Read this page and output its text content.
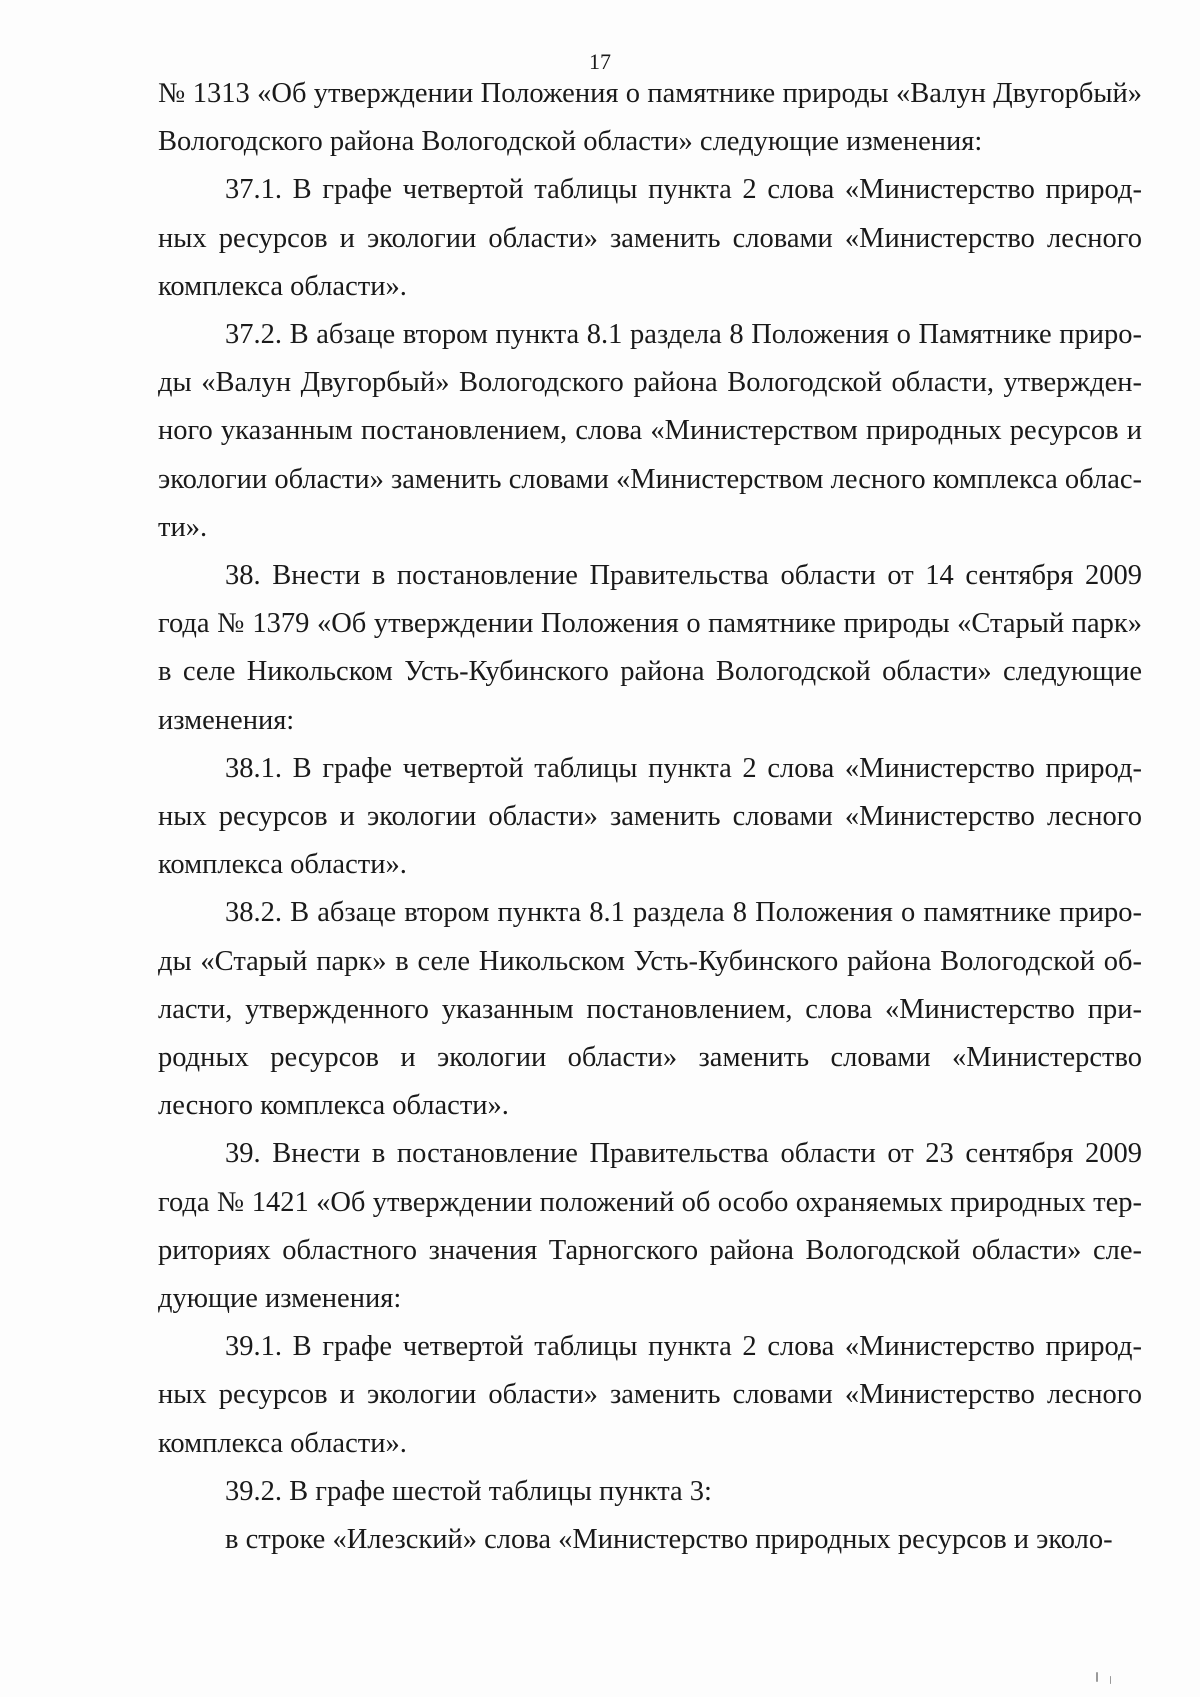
17

№ 1313 «Об утверждении Положения о памятнике природы «Валун Двугорбый» Вологодского района Вологодской области» следующие изменения:

37.1. В графе четвертой таблицы пункта 2 слова «Министерство природных ресурсов и экологии области» заменить словами «Министерство лесного комплекса области».

37.2. В абзаце втором пункта 8.1 раздела 8 Положения о Памятнике природы «Валун Двугорбый» Вологодского района Вологодской области, утвержденного указанным постановлением, слова «Министерством природных ресурсов и экологии области» заменить словами «Министерством лесного комплекса области».

38. Внести в постановление Правительства области от 14 сентября 2009 года № 1379 «Об утверждении Положения о памятнике природы «Старый парк» в селе Никольском Усть-Кубинского района Вологодской области» следующие изменения:

38.1. В графе четвертой таблицы пункта 2 слова «Министерство природных ресурсов и экологии области» заменить словами «Министерство лесного комплекса области».

38.2. В абзаце втором пункта 8.1 раздела 8 Положения о памятнике природы «Старый парк» в селе Никольском Усть-Кубинского района Вологодской области, утвержденного указанным постановлением, слова «Министерство природных ресурсов и экологии области» заменить словами «Министерство лесного комплекса области».

39. Внести в постановление Правительства области от 23 сентября 2009 года № 1421 «Об утверждении положений об особо охраняемых природных территориях областного значения Тарногского района Вологодской области» следующие изменения:

39.1. В графе четвертой таблицы пункта 2 слова «Министерство природных ресурсов и экологии области» заменить словами «Министерство лесного комплекса области».

39.2. В графе шестой таблицы пункта 3:

в строке «Илезский» слова «Министерство природных ресурсов и эколо-
